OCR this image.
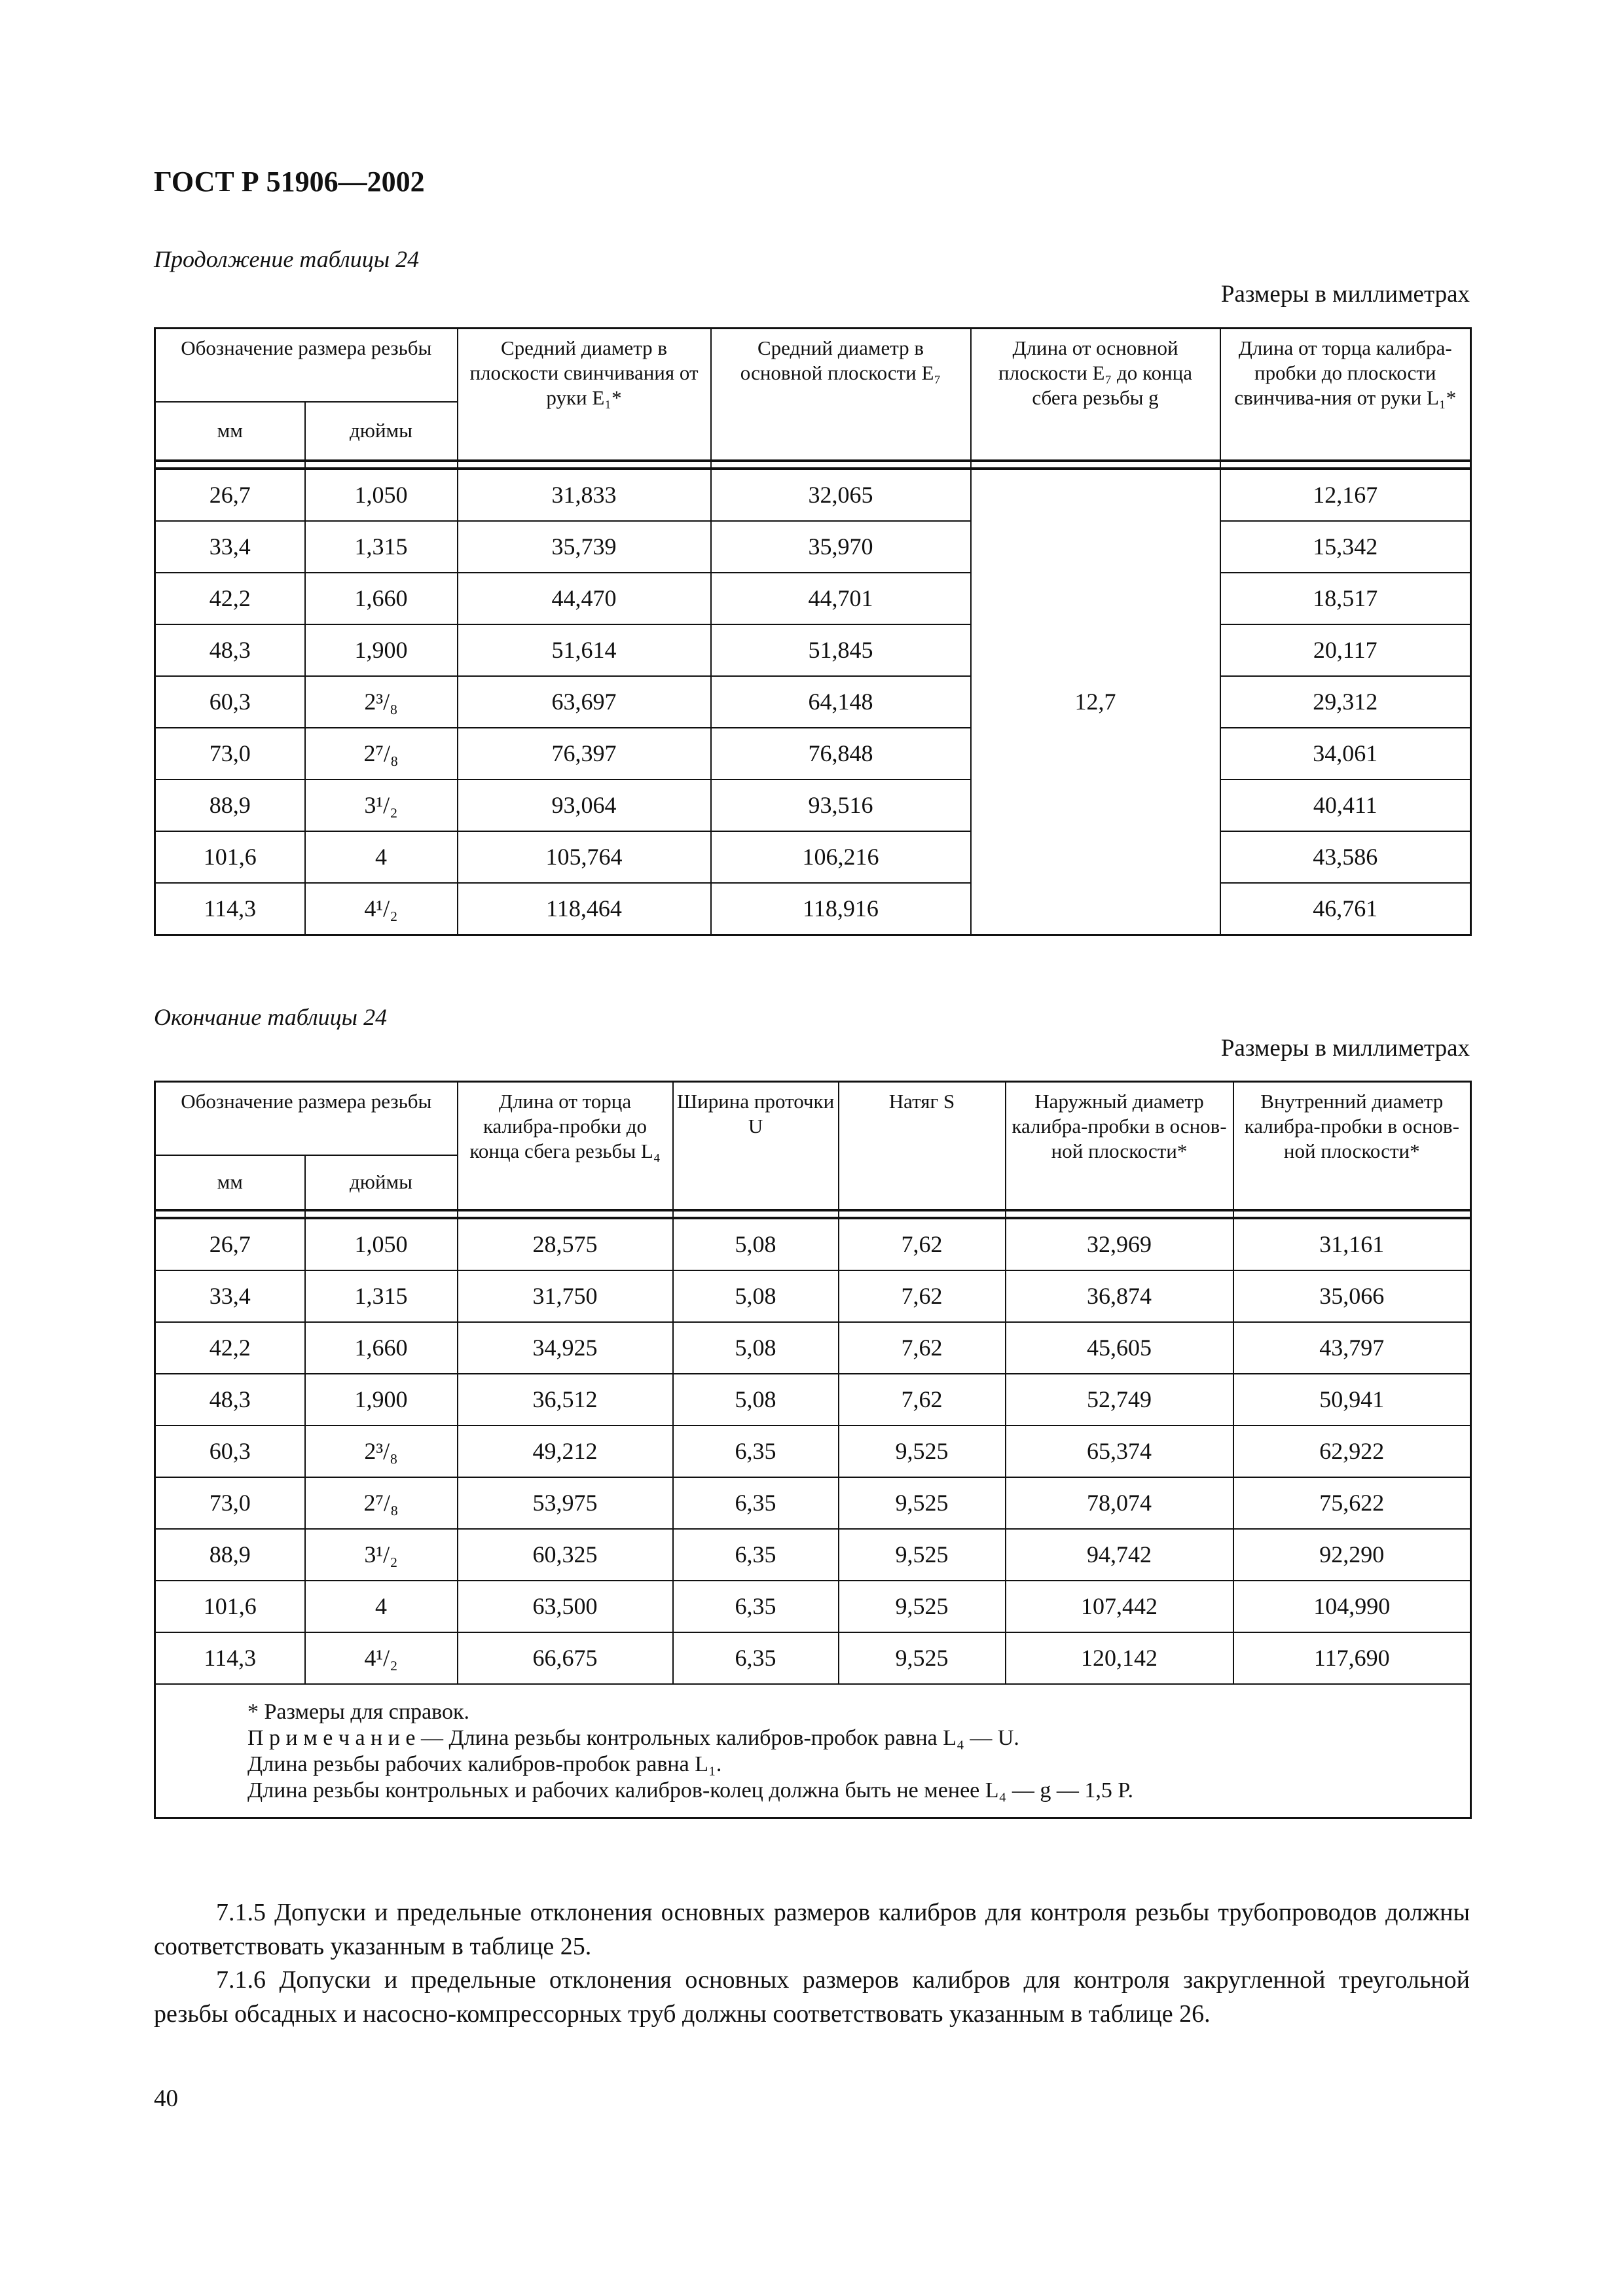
ГОСТ Р 51906—2002
Продолжение таблицы 24
Размеры в миллиметрах
Обозначение размера резьбы		Средний диаметр в плоскости свинчивания от руки E₁*	Средний диаметр в основной плоскости E₇	Длина от основной плоскости E₇ до конца сбега резьбы g	Длина от торца калибра-пробки до плоскости свинчива-ния от руки L₁*
мм	дюймы				

26,7	1,050	31,833	32,065	12,7	12,167
33,4	1,315	35,739	35,970		15,342
42,2	1,660	44,470	44,701		18,517
48,3	1,900	51,614	51,845		20,117
60,3	2³/₈	63,697	64,148		29,312
73,0	2⁷/₈	76,397	76,848		34,061
88,9	3¹/₂	93,064	93,516		40,411
101,6	4	105,764	106,216		43,586
114,3	4¹/₂	118,464	118,916		46,761
Окончание таблицы 24
Размеры в миллиметрах
Обозначение размера резьбы		Длина от торца калибра-пробки до конца сбега резьбы L₄	Ширина проточки U	Натяг S	Наружный диаметр калибра-пробки в основ-ной плоскости*	Внутренний диаметр калибра-пробки в основ-ной плоскости*
мм	дюймы					

26,7	1,050	28,575	5,08	7,62	32,969	31,161
33,4	1,315	31,750	5,08	7,62	36,874	35,066
42,2	1,660	34,925	5,08	7,62	45,605	43,797
48,3	1,900	36,512	5,08	7,62	52,749	50,941
60,3	2³/₈	49,212	6,35	9,525	65,374	62,922
73,0	2⁷/₈	53,975	6,35	9,525	78,074	75,622
88,9	3¹/₂	60,325	6,35	9,525	94,742	92,290
101,6	4	63,500	6,35	9,525	107,442	104,990
114,3	4¹/₂	66,675	6,35	9,525	120,142	117,690

* Размеры для справок.
П р и м е ч а н и е — Длина резьбы контрольных калибров-пробок равна L₄ — U.
Длина резьбы рабочих калибров-пробок равна L₁.
Длина резьбы контрольных и рабочих калибров-колец должна быть не менее L₄ — g — 1,5 P.						
7.1.5 Допуски и предельные отклонения основных размеров калибров для контроля резьбы трубопроводов должны соответствовать указанным в таблице 25.
7.1.6 Допуски и предельные отклонения основных размеров калибров для контроля закругленной треугольной резьбы обсадных и насосно-компрессорных труб должны соответствовать указанным в таблице 26.
40
